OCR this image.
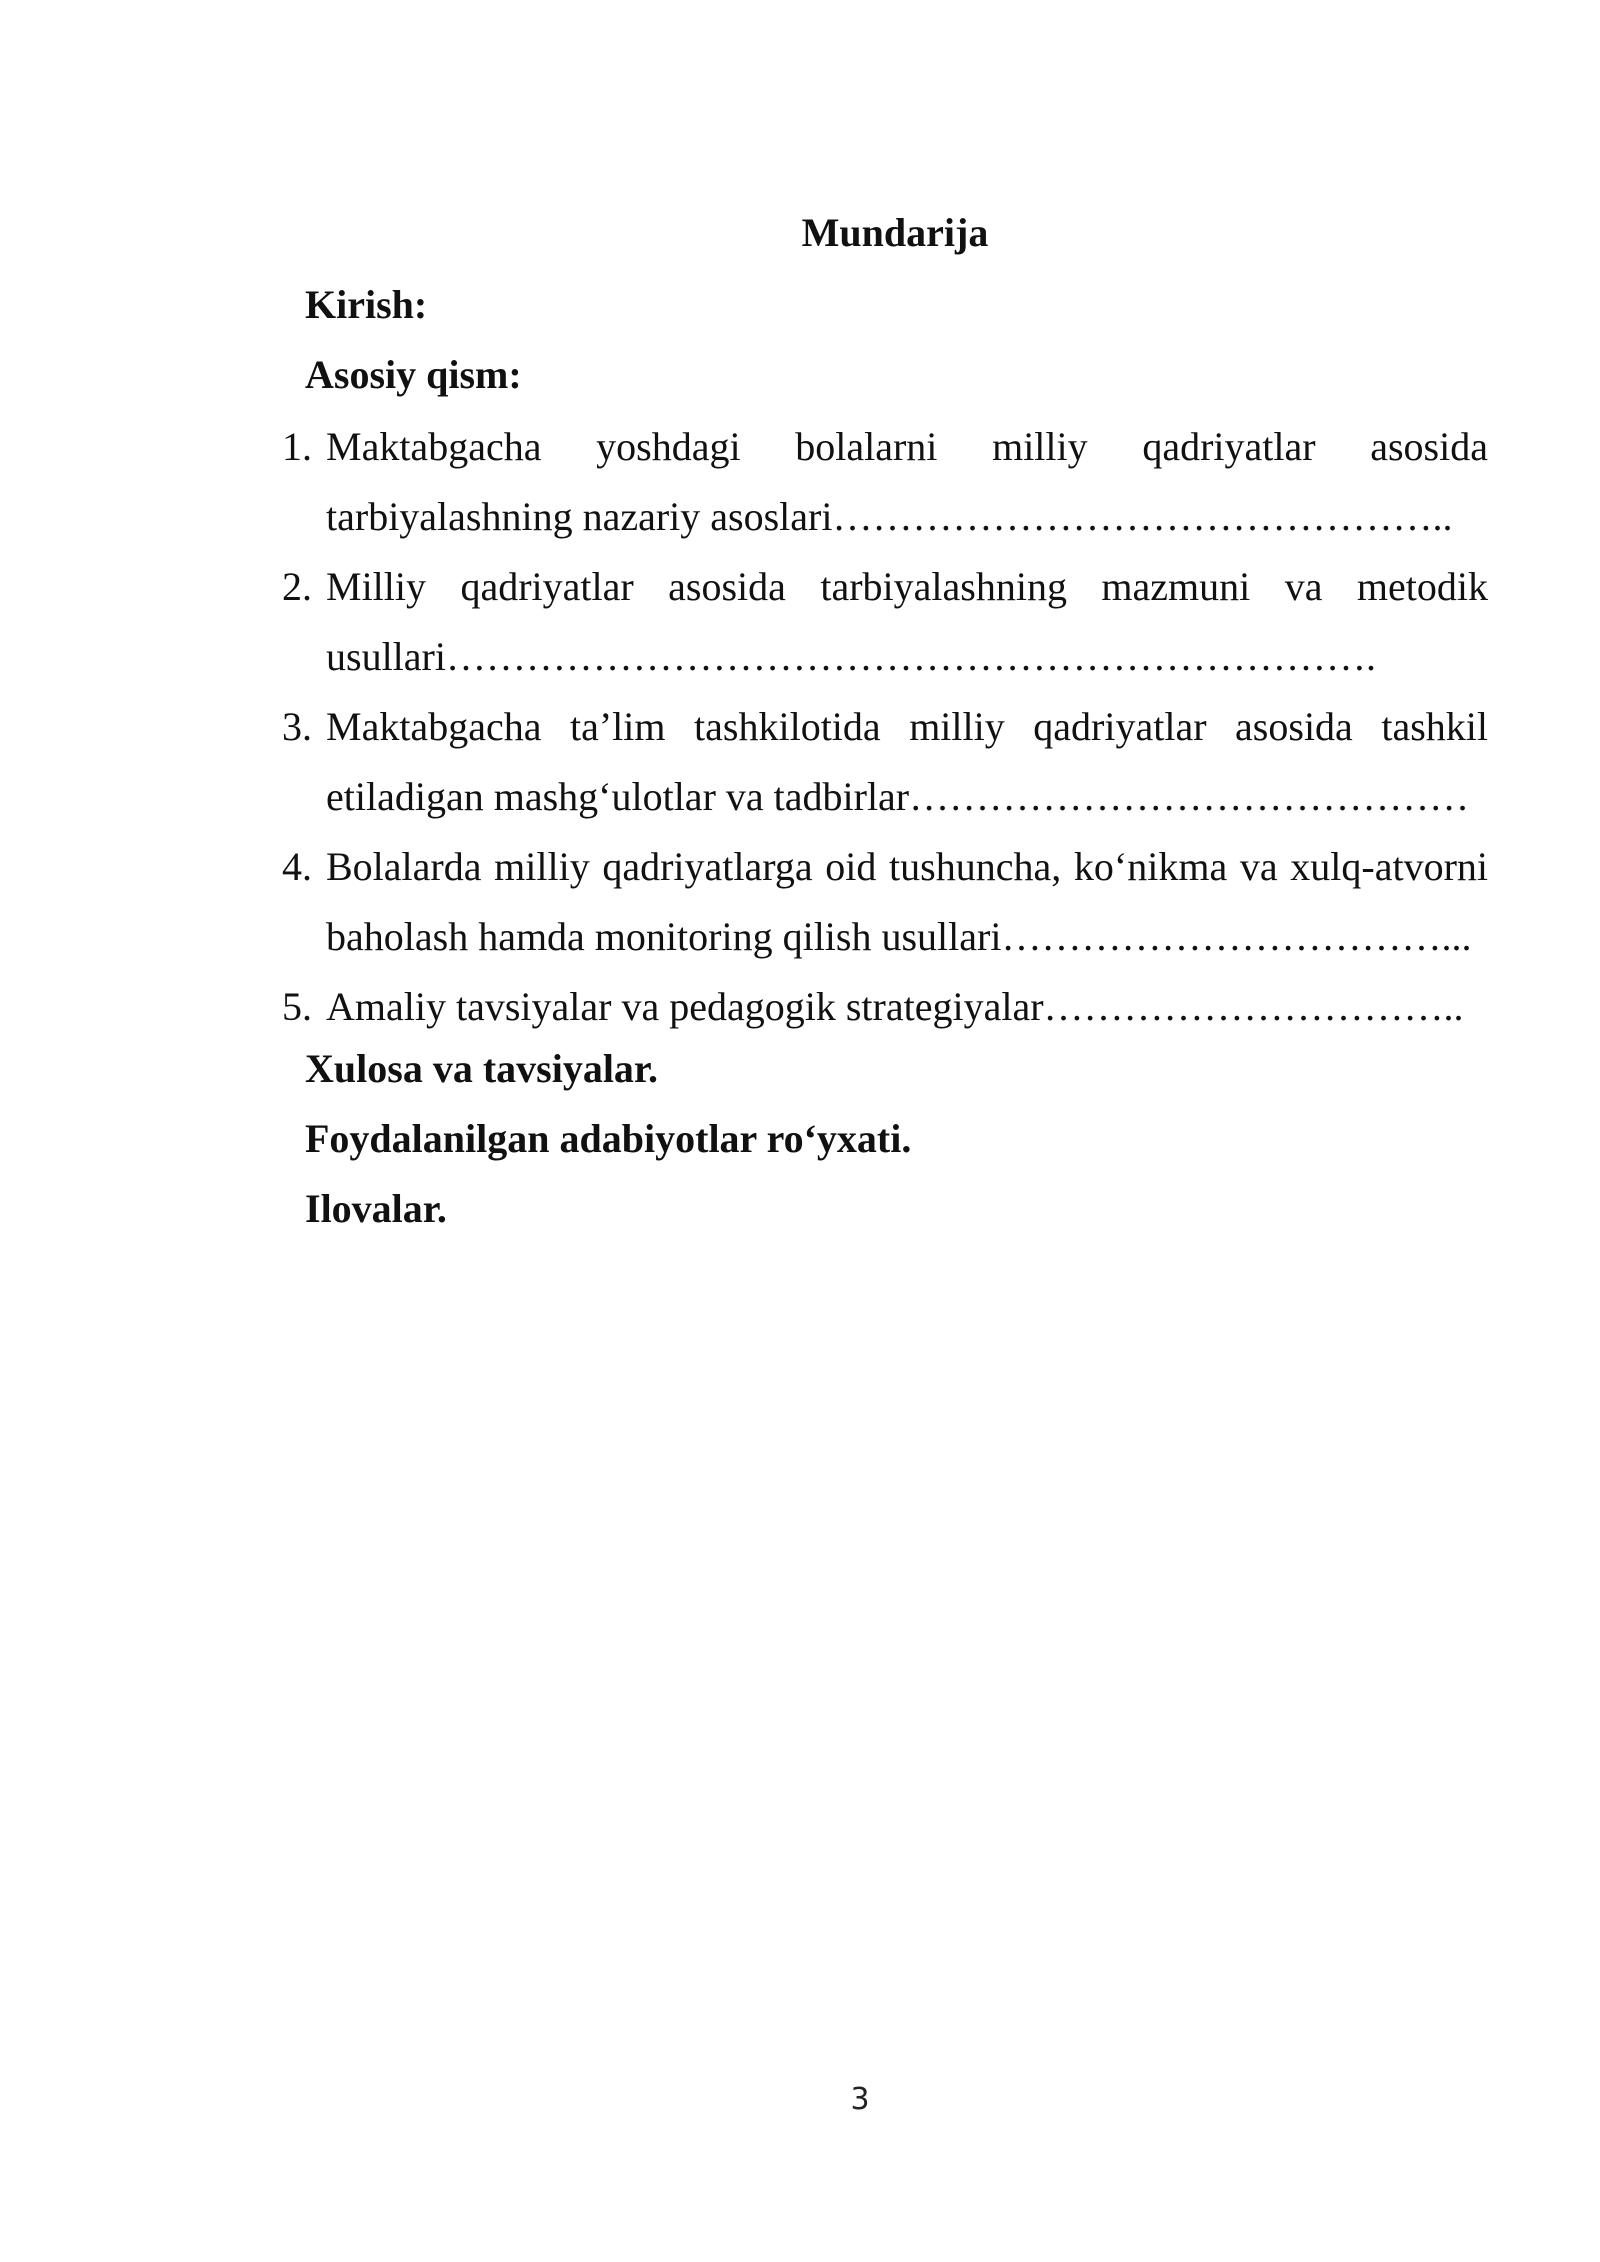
Mundarija

Kirish:

Asosiy qism:

1. Maktabgacha yoshdagi bolalarni milliy qadriyatlar asosida tarbiyalashning nazariy asoslari………………………………………..
2. Milliy qadriyatlar asosida tarbiyalashning mazmuni va metodik usullari…………………………………………………………….
3. Maktabgacha ta’lim tashkilotida milliy qadriyatlar asosida tashkil etiladigan mashg‘ulotlar va tadbirlar……………………………………
4. Bolalarda milliy qadriyatlarga oid tushuncha, ko‘nikma va xulq-atvorni baholash hamda monitoring qilish usullari……………………………...
5. Amaliy tavsiyalar va pedagogik strategiyalar…………………………..

Xulosa va tavsiyalar.

Foydalanilgan adabiyotlar ro‘yxati.

Ilovalar.

3
